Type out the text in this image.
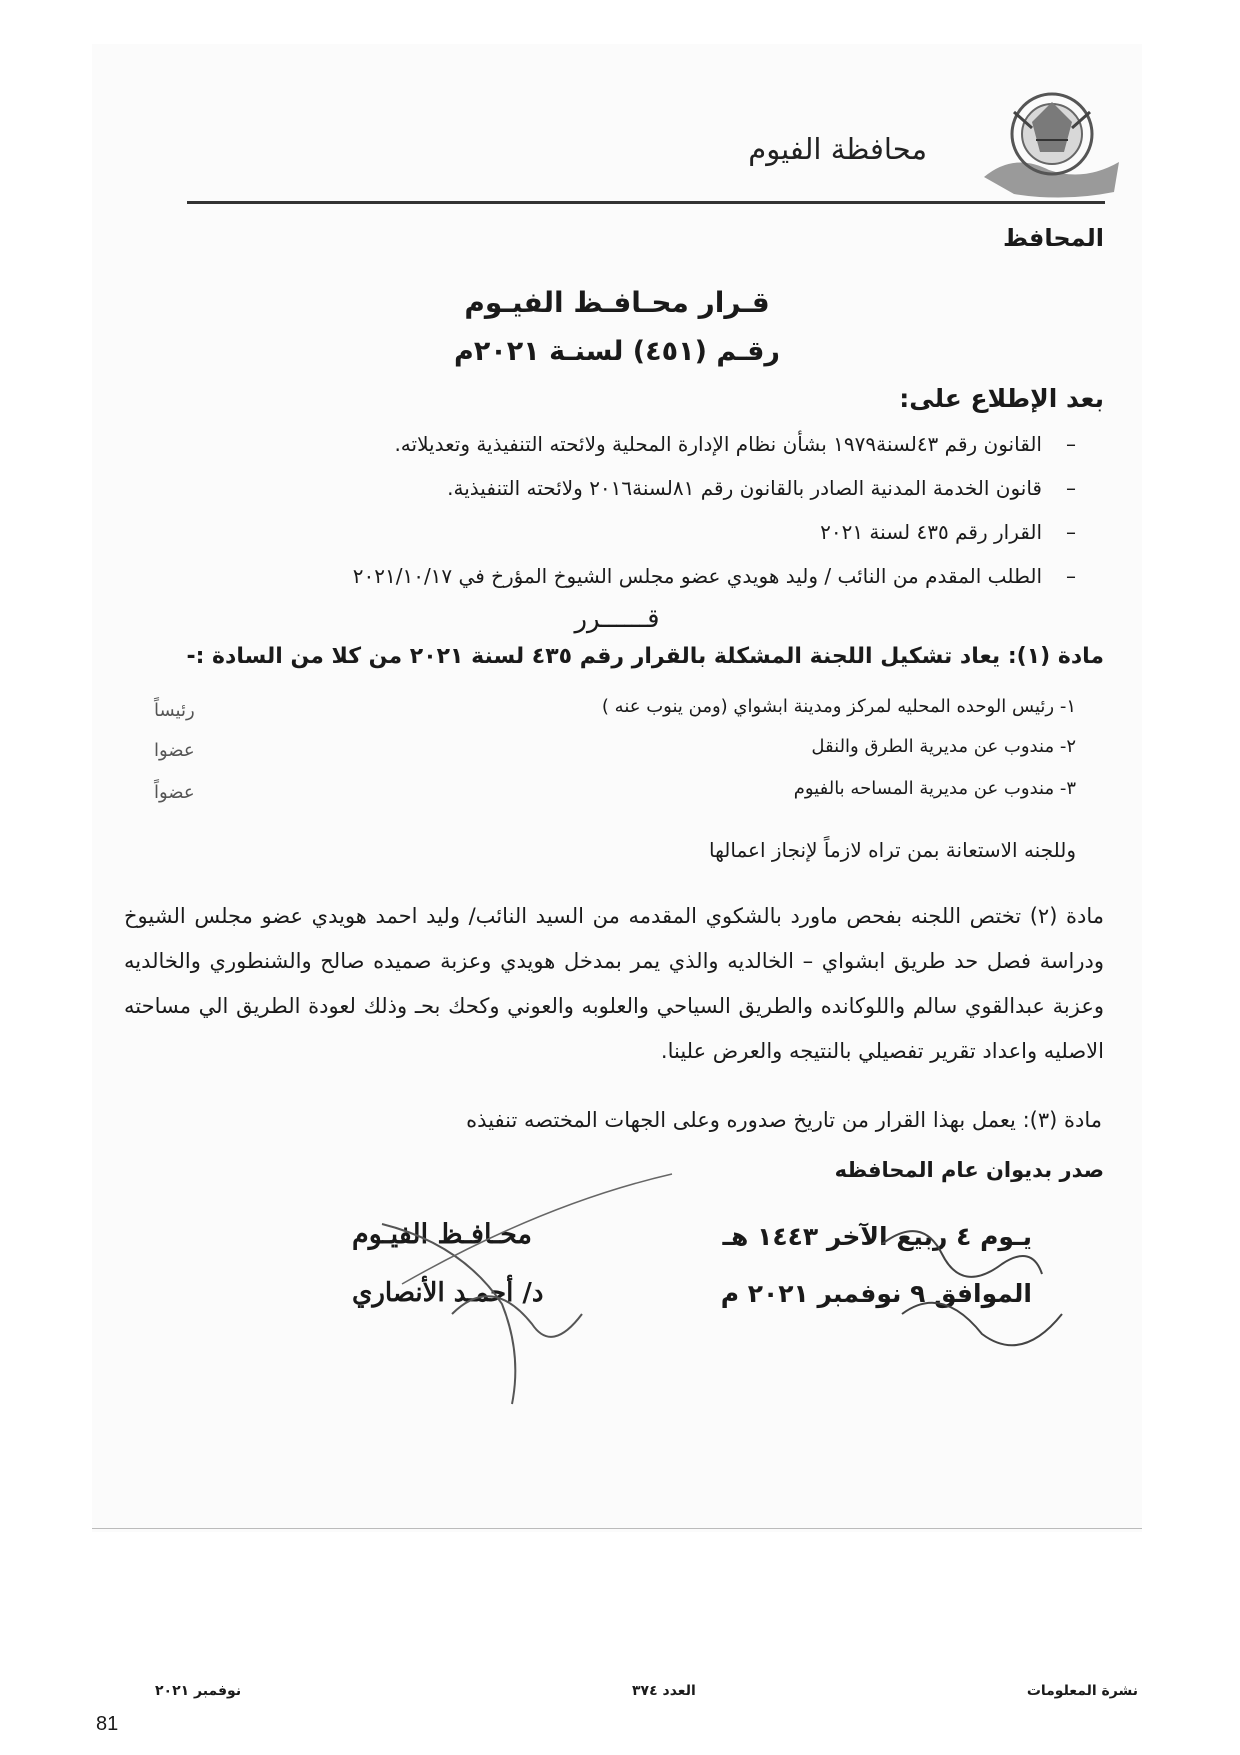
محافظة الفيوم
المحافظ
قـرار محـافـظ الفيـوم
رقـم (٤٥١) لسنـة ٢٠٢١م
بعد الإطلاع على:
–القانون رقم ٤٣لسنة١٩٧٩ بشأن نظام الإدارة المحلية ولائحته التنفيذية وتعديلاته.
–قانون الخدمة المدنية الصادر بالقانون رقم ٨١لسنة٢٠١٦ ولائحته التنفيذية.
–القرار رقم ٤٣٥ لسنة ٢٠٢١
–الطلب المقدم من النائب / وليد هويدي عضو مجلس الشيوخ المؤرخ في ٢٠٢١/١٠/١٧
قــــــرر
مادة (١): يعاد تشكيل اللجنة المشكلة بالقرار رقم ٤٣٥ لسنة ٢٠٢١ من كلا من السادة :-
١- رئيس الوحده المحليه لمركز ومدينة ابشواي (ومن ينوب عنه )
رئيساً
٢- مندوب عن مديرية الطرق والنقل
عضوا
٣- مندوب عن مديرية المساحه بالفيوم
عضواً
وللجنه الاستعانة بمن تراه لازماً لإنجاز اعمالها
مادة (٢) تختص اللجنه بفحص ماورد بالشكوي المقدمه من السيد النائب/ وليد احمد هويدي عضو مجلس الشيوخ ودراسة فصل حد طريق ابشواي – الخالديه والذي يمر بمدخل هويدي وعزبة صميده صالح والشنطوري والخالديه وعزبة عبدالقوي سالم واللوكانده والطريق السياحي والعلوبه والعوني وكحك بحـ وذلك لعودة الطريق الي مساحته الاصليه واعداد تقرير تفصيلي بالنتيجه والعرض علينا.
مادة (٣): يعمل بهذا القرار من تاريخ صدوره وعلى الجهات المختصه تنفيذه
صدر بديوان عام المحافظه
يـوم ٤ ربيع الآخر ١٤٤٣ هـ
الموافق ٩ نوفمبر ٢٠٢١ م
محـافـظ الفيـوم
د/ أحمـد الأنصاري
نشرة المعلومات
العدد ٣٧٤
نوفمبر ٢٠٢١
81
